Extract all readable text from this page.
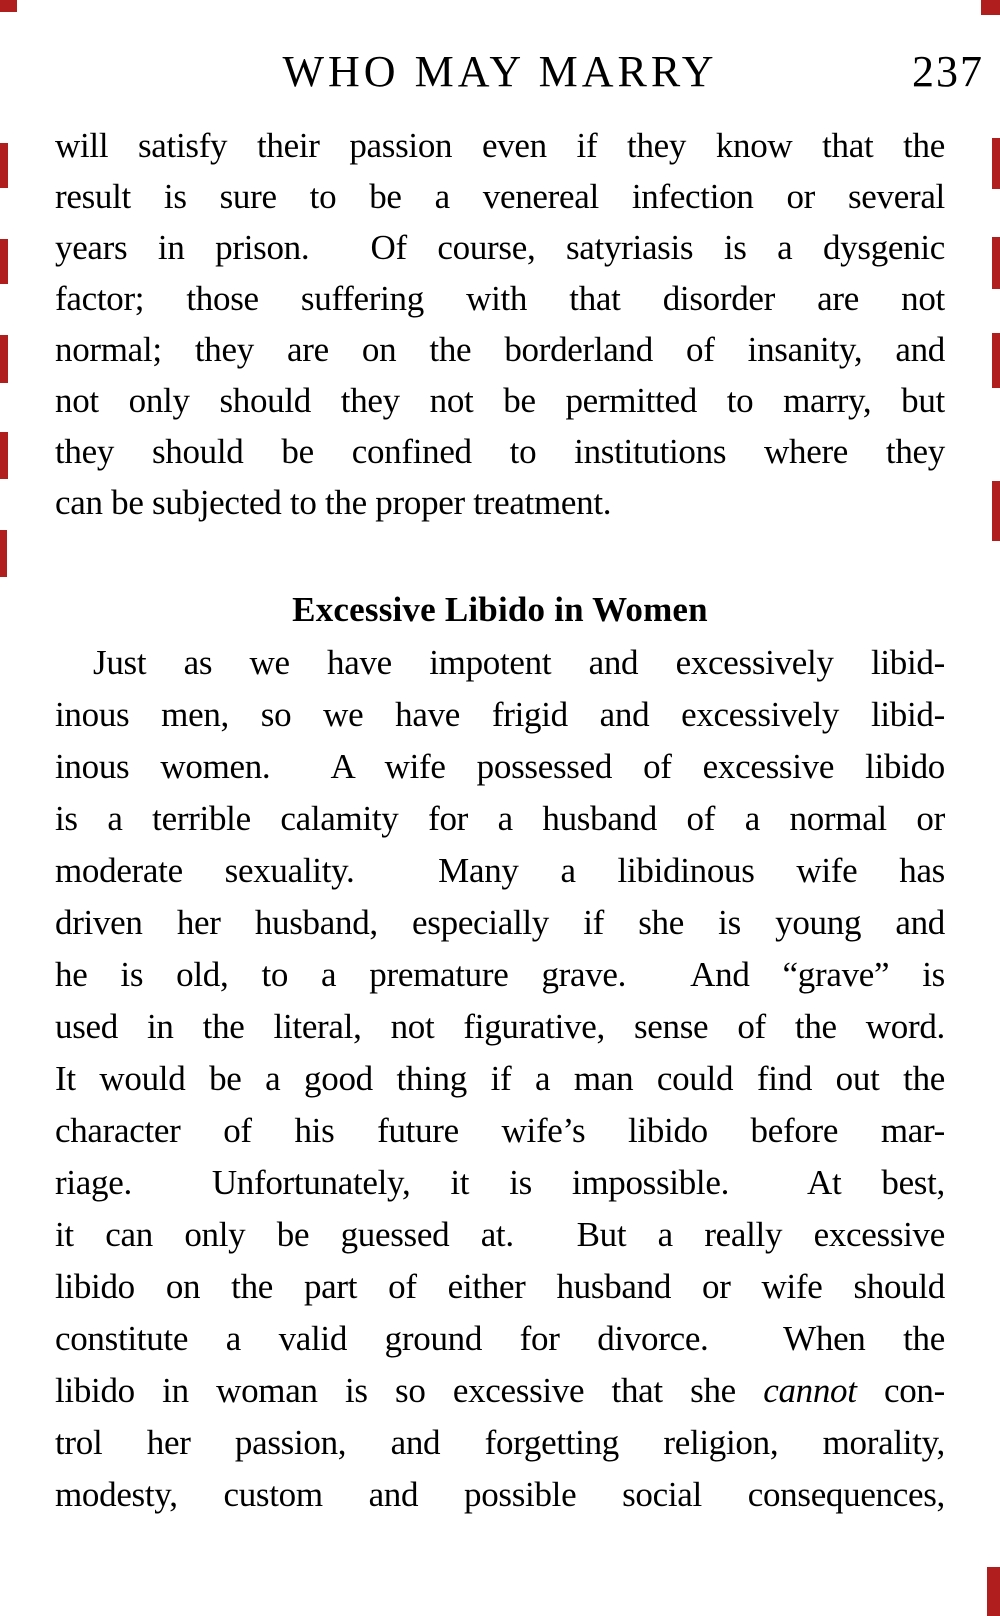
WHO MAY MARRY	237
will satisfy their passion even if they know that the
result is sure to be a venereal infection or several
years in prison.  Of course, satyriasis is a dysgenic
factor; those suffering with that disorder are not
normal; they are on the borderland of insanity, and
not only should they not be permitted to marry, but
they should be confined to institutions where they
can be subjected to the proper treatment.
Excessive Libido in Women
Just as we have impotent and excessively libid-
inous men, so we have frigid and excessively libid-
inous women.  A wife possessed of excessive libido
is a terrible calamity for a husband of a normal or
moderate sexuality.  Many a libidinous wife has
driven her husband, especially if she is young and
he is old, to a premature grave.  And “grave” is
used in the literal, not figurative, sense of the word.
It would be a good thing if a man could find out the
character of his future wife’s libido before mar-
riage.  Unfortunately, it is impossible.  At best,
it can only be guessed at.  But a really excessive
libido on the part of either husband or wife should
constitute a valid ground for divorce.  When the
libido in woman is so excessive that she cannot con-
trol her passion, and forgetting religion, morality,
modesty, custom and possible social consequences,
